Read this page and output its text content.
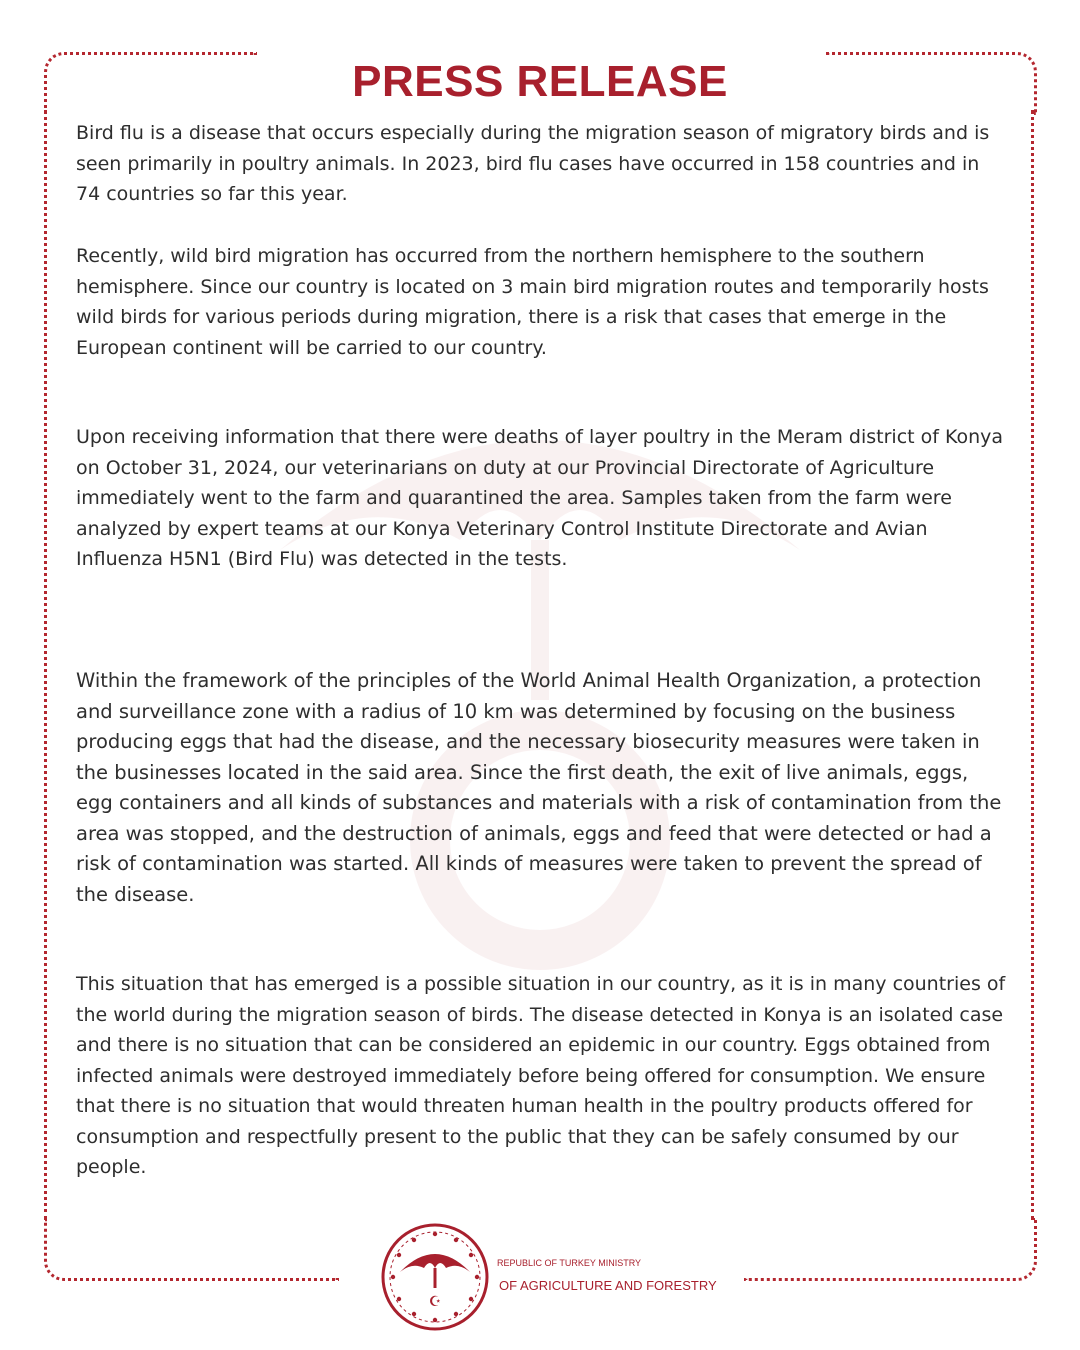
PRESS RELEASE

Bird flu is a disease that occurs especially during the migration season of migratory birds and is seen primarily in poultry animals. In 2023, bird flu cases have occurred in 158 countries and in 74 countries so far this year.

Recently, wild bird migration has occurred from the northern hemisphere to the southern hemisphere. Since our country is located on 3 main bird migration routes and temporarily hosts wild birds for various periods during migration, there is a risk that cases that emerge in the European continent will be carried to our country.

Upon receiving information that there were deaths of layer poultry in the Meram district of Konya on October 31, 2024, our veterinarians on duty at our Provincial Directorate of Agriculture immediately went to the farm and quarantined the area. Samples taken from the farm were analyzed by expert teams at our Konya Veterinary Control Institute Directorate and Avian Influenza H5N1 (Bird Flu) was detected in the tests.

Within the framework of the principles of the World Animal Health Organization, a protection and surveillance zone with a radius of 10 km was determined by focusing on the business producing eggs that had the disease, and the necessary biosecurity measures were taken in the businesses located in the said area. Since the first death, the exit of live animals, eggs, egg containers and all kinds of substances and materials with a risk of contamination from the area was stopped, and the destruction of animals, eggs and feed that were detected or had a risk of contamination was started. All kinds of measures were taken to prevent the spread of the disease.

This situation that has emerged is a possible situation in our country, as it is in many countries of the world during the migration season of birds. The disease detected in Konya is an isolated case and there is no situation that can be considered an epidemic in our country. Eggs obtained from infected animals were destroyed immediately before being offered for consumption. We ensure that there is no situation that would threaten human health in the poultry products offered for consumption and respectfully present to the public that they can be safely consumed by our people.

☪
REPUBLIC OF TURKEY MINISTRY
OF AGRICULTURE AND FORESTRY
